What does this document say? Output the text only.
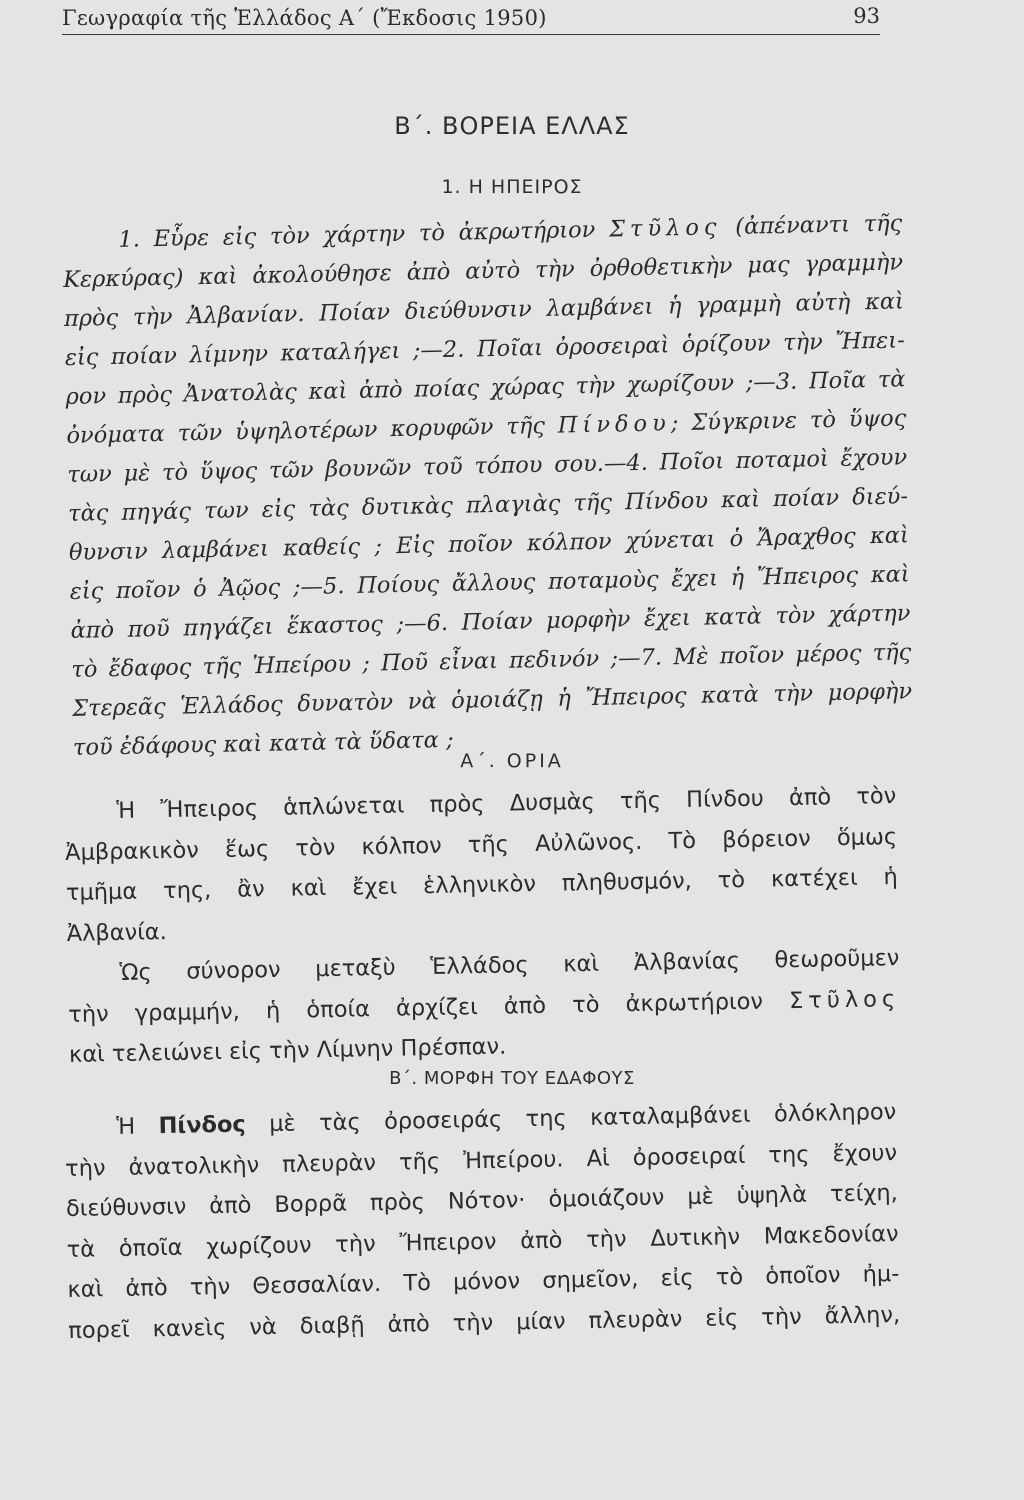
Γεωγραφία τῆς Ἑλλάδος Α΄ (Ἔκδοσις 1950)	93
Β΄. ΒΟΡΕΙΑ ΕΛΛΑΣ
1. Η ΗΠΕΙΡΟΣ
1. Εὗρε εἰς τὸν χάρτην τὸ ἀκρωτήριον Στῦλος (ἀπέναντι τῆς
Κερκύρας) καὶ ἀκολούθησε ἀπὸ αὐτὸ τὴν ὀρθοθετικὴν μας γραμμὴν
πρὸς τὴν Ἀλβανίαν. Ποίαν διεύθυνσιν λαμβάνει ἡ γραμμὴ αὐτὴ καὶ
εἰς ποίαν λίμνην καταλήγει ;—2. Ποῖαι ὀροσειραὶ ὁρίζουν τὴν Ἤπει-
ρον πρὸς Ἀνατολὰς καὶ ἀπὸ ποίας χώρας τὴν χωρίζουν ;—3. Ποῖα τὰ
ὀνόματα τῶν ὑψηλοτέρων κορυφῶν τῆς Πίνδου; Σύγκρινε τὸ ὕψος
των μὲ τὸ ὕψος τῶν βουνῶν τοῦ τόπου σου.—4. Ποῖοι ποταμοὶ ἔχουν
τὰς πηγάς των εἰς τὰς δυτικὰς πλαγιὰς τῆς Πίνδου καὶ ποίαν διεύ-
θυνσιν λαμβάνει καθείς ; Εἰς ποῖον κόλπον χύνεται ὁ Ἄραχθος καὶ
εἰς ποῖον ὁ Ἀῷος ;—5. Ποίους ἄλλους ποταμοὺς ἔχει ἡ Ἤπειρος καὶ
ἀπὸ ποῦ πηγάζει ἕκαστος ;—6. Ποίαν μορφὴν ἔχει κατὰ τὸν χάρτην
τὸ ἔδαφος τῆς Ἠπείρου ; Ποῦ εἶναι πεδινόν ;—7. Μὲ ποῖον μέρος τῆς
Στερεᾶς Ἑλλάδος δυνατὸν νὰ ὁμοιάζῃ ἡ Ἤπειρος κατὰ τὴν μορφὴν
τοῦ ἐδάφους καὶ κατὰ τὰ ὕδατα ;
Α΄. ΟΡΙΑ
Ἡ Ἤπειρος ἁπλώνεται πρὸς Δυσμὰς τῆς Πίνδου ἀπὸ τὸν
Ἀμβρακικὸν ἕως τὸν κόλπον τῆς Αὐλῶνος. Τὸ βόρειον ὅμως
τμῆμα της, ἂν καὶ ἔχει ἑλληνικὸν πληθυσμόν, τὸ κατέχει ἡ
Ἀλβανία.
Ὡς σύνορον μεταξὺ Ἑλλάδος καὶ Ἀλβανίας θεωροῦμεν
τὴν γραμμήν, ἡ ὁποία ἀρχίζει ἀπὸ τὸ ἀκρωτήριον Στῦλος
καὶ τελειώνει εἰς τὴν Λίμνην Πρέσπαν.
Β΄. ΜΟΡΦΗ ΤΟΥ ΕΔΑΦΟΥΣ
Ἡ Πίνδος μὲ τὰς ὀροσειράς της καταλαμβάνει ὁλόκληρον
τὴν ἀνατολικὴν πλευρὰν τῆς Ἠπείρου. Αἱ ὀροσειραί της ἔχουν
διεύθυνσιν ἀπὸ Βορρᾶ πρὸς Νότον· ὁμοιάζουν μὲ ὑψηλὰ τείχη,
τὰ ὁποῖα χωρίζουν τὴν Ἤπειρον ἀπὸ τὴν Δυτικὴν Μακεδονίαν
καὶ ἀπὸ τὴν Θεσσαλίαν. Τὸ μόνον σημεῖον, εἰς τὸ ὁποῖον ἠμ-
πορεῖ κανεὶς νὰ διαβῇ ἀπὸ τὴν μίαν πλευρὰν εἰς τὴν ἄλλην,
